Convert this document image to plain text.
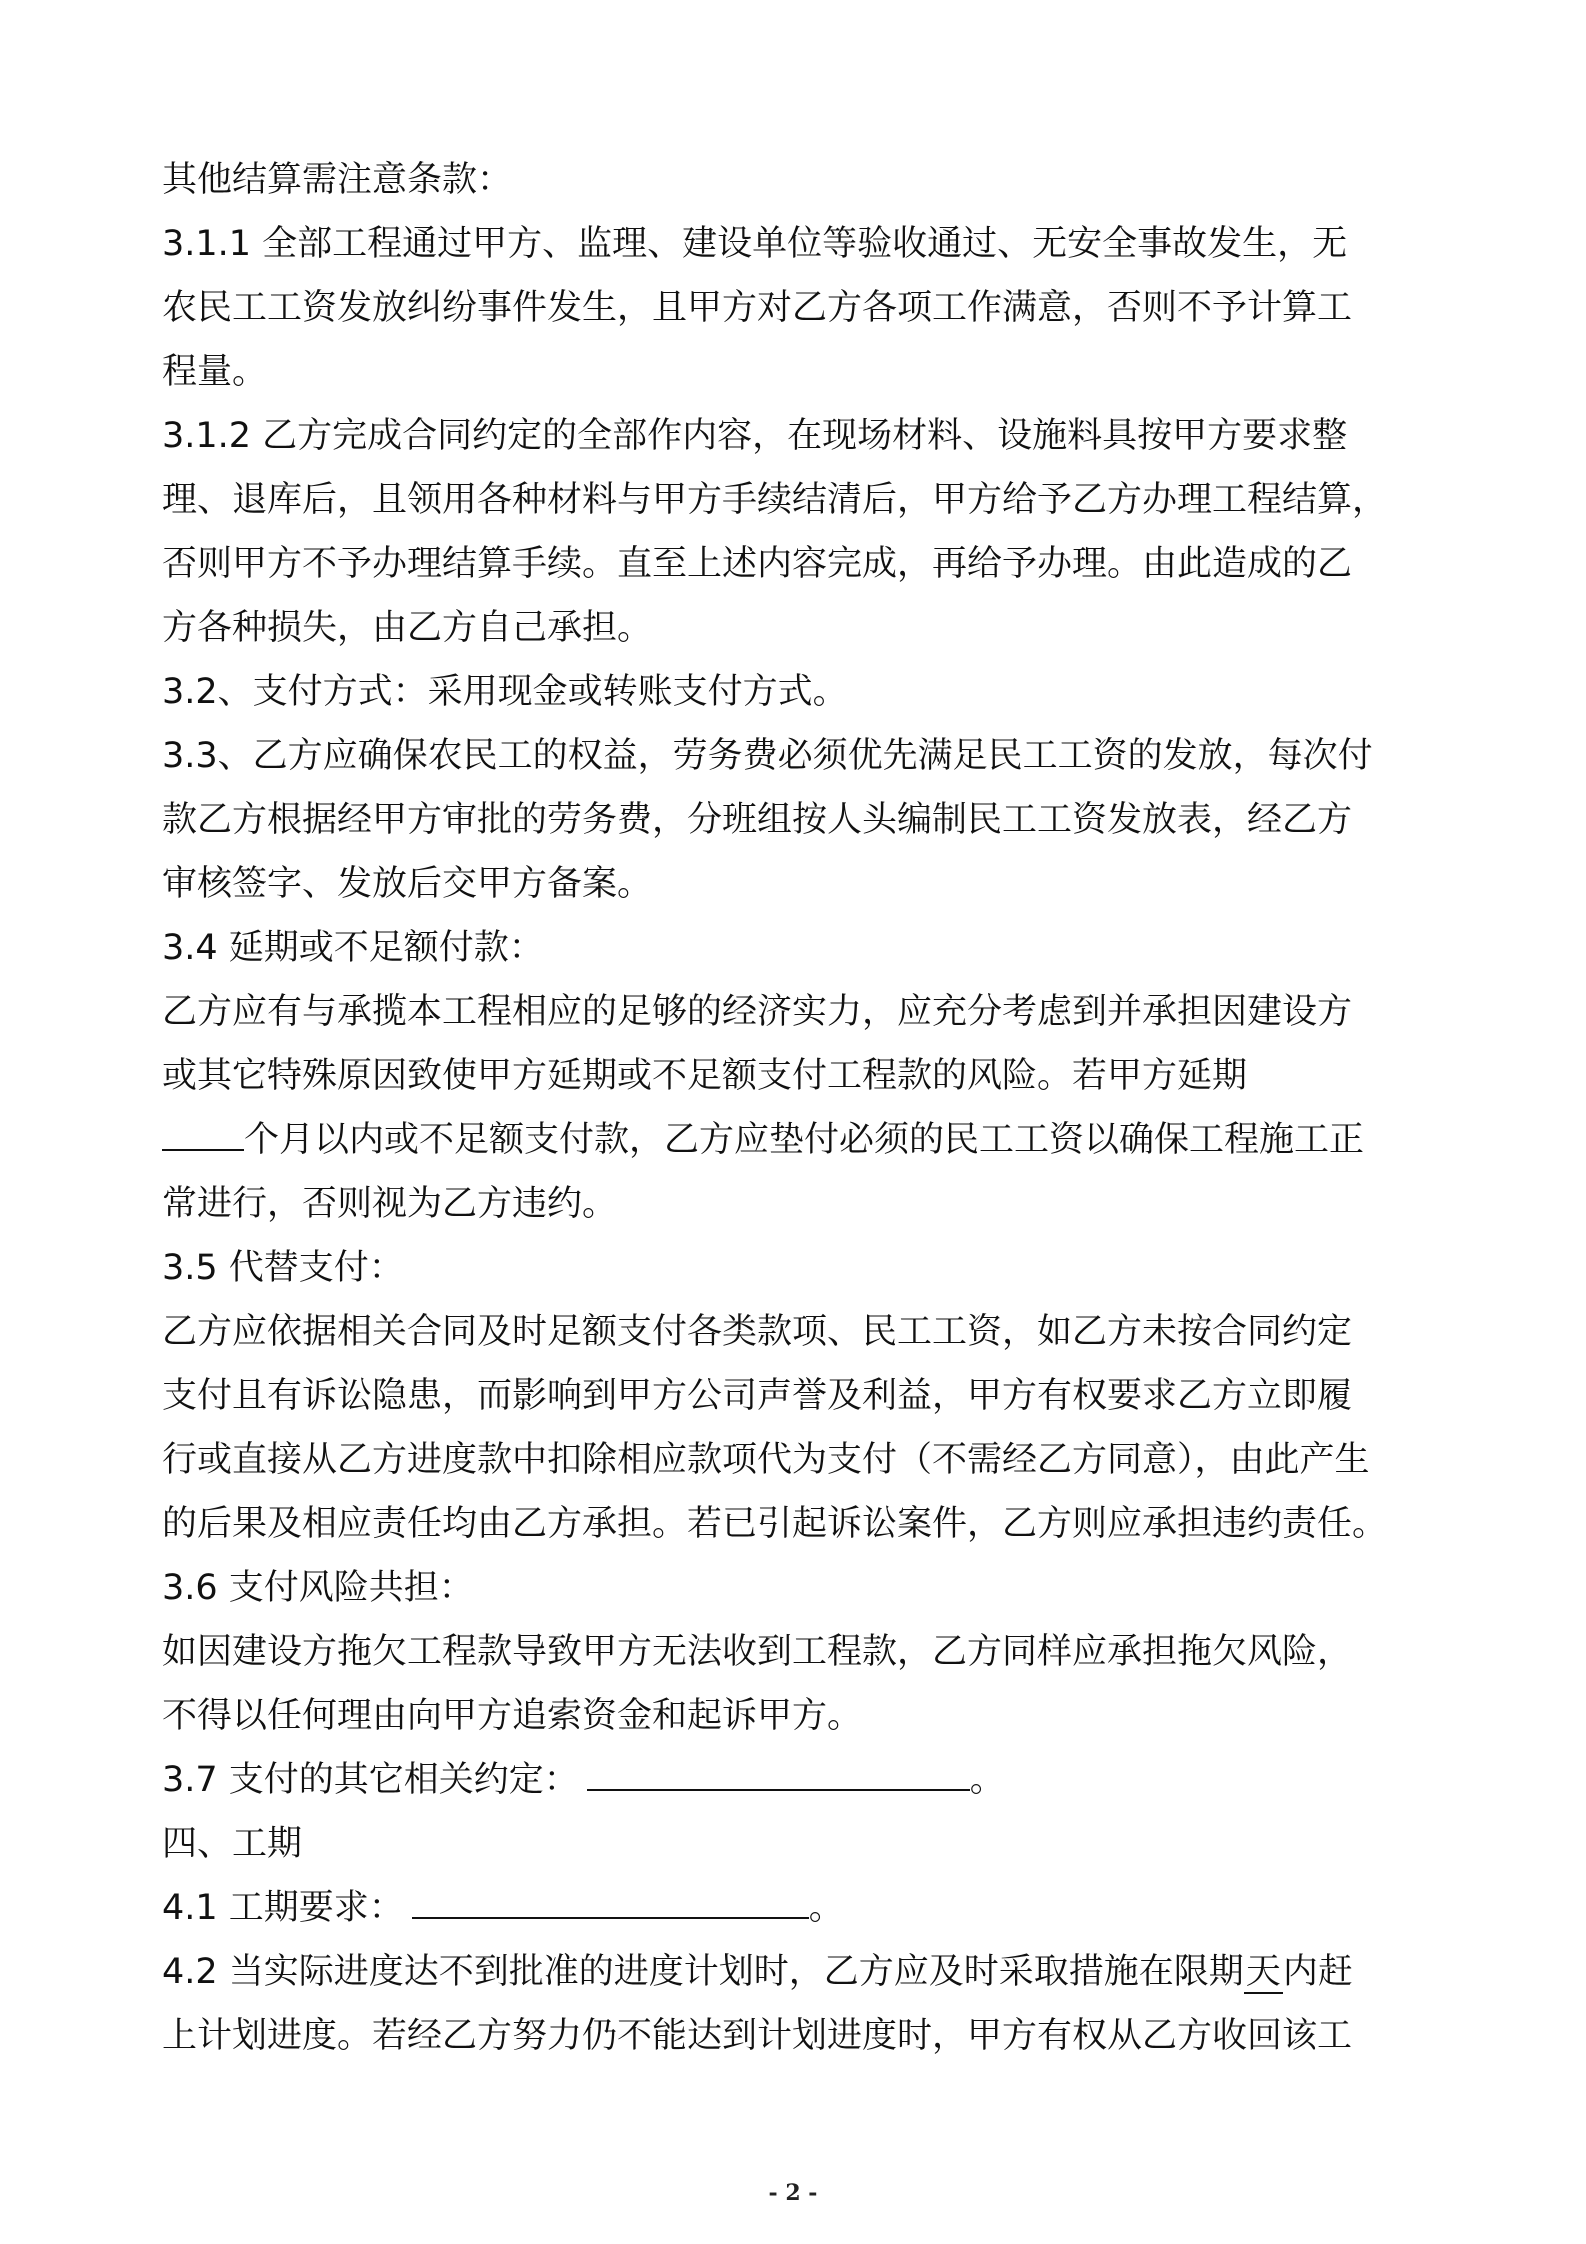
其他结算需注意条款：
3.1.1 全部工程通过甲方、监理、建设单位等验收通过、无安全事故发生，无
农民工工资发放纠纷事件发生，且甲方对乙方各项工作满意，否则不予计算工
程量。
3.1.2 乙方完成合同约定的全部作内容，在现场材料、设施料具按甲方要求整
理、退库后，且领用各种材料与甲方手续结清后，甲方给予乙方办理工程结算，
否则甲方不予办理结算手续。直至上述内容完成，再给予办理。由此造成的乙
方各种损失，由乙方自己承担。
3.2、支付方式：采用现金或转账支付方式。
3.3、乙方应确保农民工的权益，劳务费必须优先满足民工工资的发放，每次付
款乙方根据经甲方审批的劳务费，分班组按人头编制民工工资发放表，经乙方
审核签字、发放后交甲方备案。
3.4 延期或不足额付款：
乙方应有与承揽本工程相应的足够的经济实力，应充分考虑到并承担因建设方
或其它特殊原因致使甲方延期或不足额支付工程款的风险。若甲方延期
个月以内或不足额支付款，乙方应垫付必须的民工工资以确保工程施工正
常进行，否则视为乙方违约。
3.5 代替支付：
乙方应依据相关合同及时足额支付各类款项、民工工资，如乙方未按合同约定
支付且有诉讼隐患，而影响到甲方公司声誉及利益，甲方有权要求乙方立即履
行或直接从乙方进度款中扣除相应款项代为支付（不需经乙方同意），由此产生
的后果及相应责任均由乙方承担。若已引起诉讼案件，乙方则应承担违约责任。
3.6 支付风险共担：
如因建设方拖欠工程款导致甲方无法收到工程款，乙方同样应承担拖欠风险，
不得以任何理由向甲方追索资金和起诉甲方。
3.7 支付的其它相关约定：	。
四、工期
4.1 工期要求：	。
4.2 当实际进度达不到批准的进度计划时，乙方应及时采取措施在限期天内赶
上计划进度。若经乙方努力仍不能达到计划进度时，甲方有权从乙方收回该工
- 2 -
